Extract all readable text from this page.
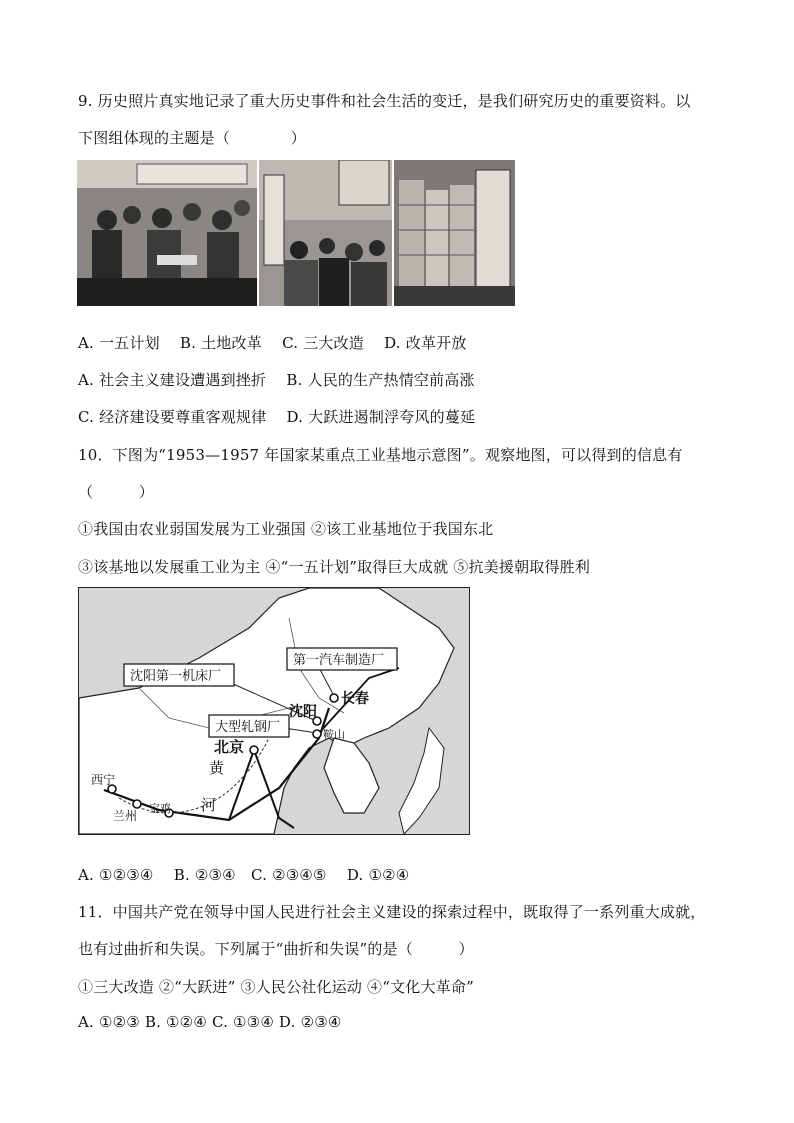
9. 历史照片真实地记录了重大历史事件和社会生活的变迁，是我们研究历史的重要资料。以
下图组体现的主题是（　　　　）
A. 一五计划　 B. 土地改革　 C. 三大改造　 D. 改革开放
A. 社会主义建设遭遇到挫折　 B. 人民的生产热情空前高涨
C. 经济建设要尊重客观规律　 D. 大跃进遏制浮夸风的蔓延
10．下图为“1953—1957 年国家某重点工业基地示意图”。观察地图，可以得到的信息有
（　　　）
①我国由农业弱国发展为工业强国 ②该工业基地位于我国东北
③该基地以发展重工业为主 ④“一五计划”取得巨大成就 ⑤抗美援朝取得胜利
第一汽车制造厂
沈阳第一机床厂
大型轧钢厂
长春
沈阳
鞍山
北京
西宁
兰州
宝鸡
黄
河
A. ①②③④　 B. ②③④　C. ②③④⑤　 D. ①②④
11．中国共产党在领导中国人民进行社会主义建设的探索过程中，既取得了一系列重大成就，
也有过曲折和失误。下列属于“曲折和失误”的是（　　　）
①三大改造 ②“大跃进” ③人民公社化运动 ④“文化大革命”
A. ①②③ B. ①②④ C. ①③④ D. ②③④
